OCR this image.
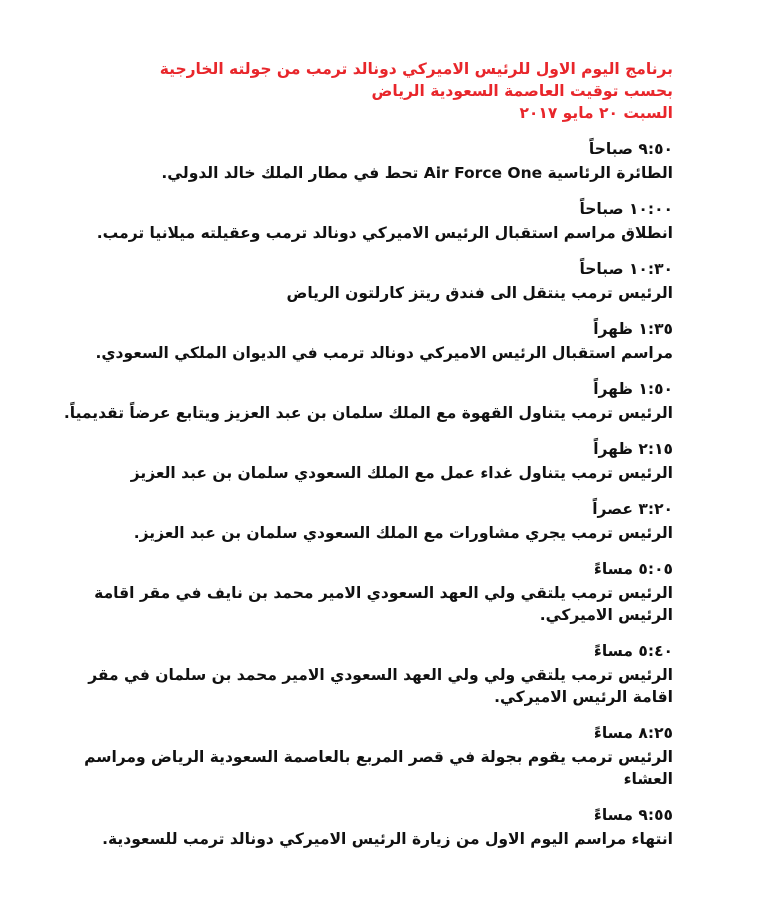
برنامج اليوم الاول للرئيس الاميركي دونالد ترمب من جولته الخارجية
بحسب توقيت العاصمة السعودية الرياض
السبت ٢٠ مايو ٢٠١٧
٩:٥٠ صباحاً
الطائرة الرئاسية Air Force One تحط في مطار الملك خالد الدولي.
١٠:٠٠ صباحاً
انطلاق مراسم استقبال الرئيس الاميركي دونالد ترمب وعقيلته ميلانيا ترمب.
١٠:٣٠ صباحاً
الرئيس ترمب ينتقل الى فندق ريتز كارلتون الرياض
١:٣٥ ظهراً
مراسم استقبال الرئيس الاميركي دونالد ترمب في الديوان الملكي السعودي.
١:٥٠ ظهراً
الرئيس ترمب يتناول القهوة مع الملك سلمان بن عبد العزيز ويتابع عرضاً تقديمياً.
٢:١٥ ظهراً
الرئيس ترمب يتناول غداء عمل مع الملك السعودي سلمان بن عبد العزيز
٣:٢٠ عصراً
الرئيس ترمب يجري مشاورات مع الملك السعودي سلمان بن عبد العزيز.
٥:٠٥ مساءً
الرئيس ترمب يلتقي ولي العهد السعودي الامير محمد بن نايف في مقر اقامة الرئيس الاميركي.
٥:٤٠ مساءً
الرئيس ترمب يلتقي ولي ولي العهد السعودي الامير محمد بن سلمان في مقر اقامة الرئيس الاميركي.
٨:٢٥ مساءً
الرئيس ترمب يقوم بجولة في قصر المربع بالعاصمة السعودية الرياض ومراسم العشاء
٩:٥٥ مساءً
انتهاء مراسم اليوم الاول من زيارة الرئيس الاميركي دونالد ترمب للسعودية.
